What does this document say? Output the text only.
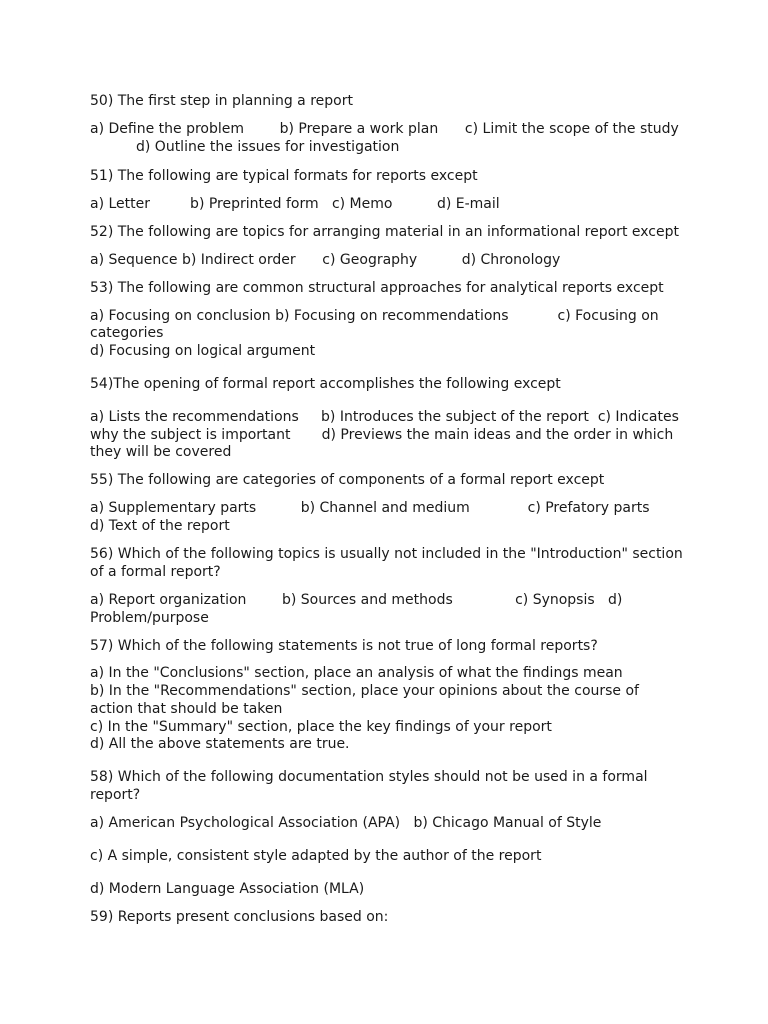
50) The first step in planning a report
a) Define the problem        b) Prepare a work plan      c) Limit the scope of the study
d) Outline the issues for investigation
51) The following are typical formats for reports except
a) Letter         b) Preprinted form   c) Memo          d) E-mail
52) The following are topics for arranging material in an informational report except
a) Sequence b) Indirect order      c) Geography          d) Chronology
53) The following are common structural approaches for analytical reports except
a) Focusing on conclusion b) Focusing on recommendations           c) Focusing on
categories
d) Focusing on logical argument
54)The opening of formal report accomplishes the following except
a) Lists the recommendations     b) Introduces the subject of the report  c) Indicates
why the subject is important       d) Previews the main ideas and the order in which
they will be covered
55) The following are categories of components of a formal report except
a) Supplementary parts          b) Channel and medium             c) Prefatory parts
d) Text of the report
56) Which of the following topics is usually not included in the "Introduction" section
of a formal report?
a) Report organization        b) Sources and methods              c) Synopsis   d)
Problem/purpose
57) Which of the following statements is not true of long formal reports?
a) In the "Conclusions" section, place an analysis of what the findings mean
b) In the "Recommendations" section, place your opinions about the course of
action that should be taken
c) In the "Summary" section, place the key findings of your report
d) All the above statements are true.
58) Which of the following documentation styles should not be used in a formal
report?
a) American Psychological Association (APA)   b) Chicago Manual of Style
c) A simple, consistent style adapted by the author of the report
d) Modern Language Association (MLA)
59) Reports present conclusions based on:
